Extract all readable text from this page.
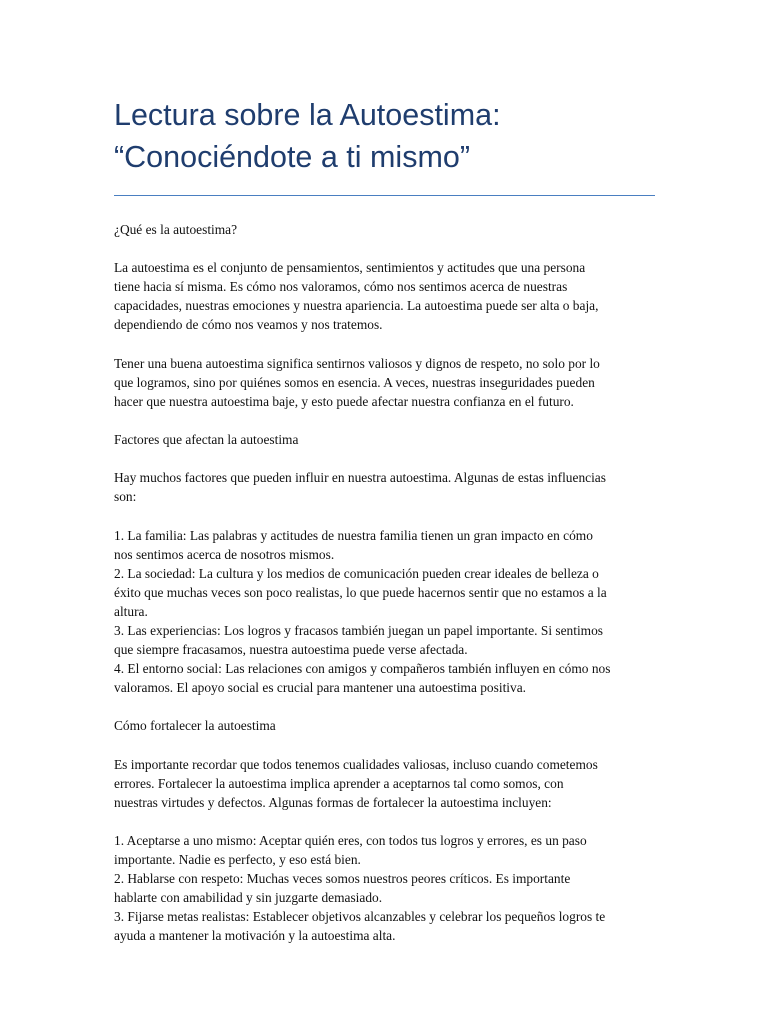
Lectura sobre la Autoestima:
“Conociéndote a ti mismo”

¿Qué es la autoestima?

La autoestima es el conjunto de pensamientos, sentimientos y actitudes que una persona
tiene hacia sí misma. Es cómo nos valoramos, cómo nos sentimos acerca de nuestras
capacidades, nuestras emociones y nuestra apariencia. La autoestima puede ser alta o baja,
dependiendo de cómo nos veamos y nos tratemos.
Tener una buena autoestima significa sentirnos valiosos y dignos de respeto, no solo por lo
que logramos, sino por quiénes somos en esencia. A veces, nuestras inseguridades pueden
hacer que nuestra autoestima baje, y esto puede afectar nuestra confianza en el futuro.

Factores que afectan la autoestima

Hay muchos factores que pueden influir en nuestra autoestima. Algunas de estas influencias
son:
1. La familia: Las palabras y actitudes de nuestra familia tienen un gran impacto en cómo
nos sentimos acerca de nosotros mismos.
2. La sociedad: La cultura y los medios de comunicación pueden crear ideales de belleza o
éxito que muchas veces son poco realistas, lo que puede hacernos sentir que no estamos a la
altura.
3. Las experiencias: Los logros y fracasos también juegan un papel importante. Si sentimos
que siempre fracasamos, nuestra autoestima puede verse afectada.
4. El entorno social: Las relaciones con amigos y compañeros también influyen en cómo nos
valoramos. El apoyo social es crucial para mantener una autoestima positiva.

Cómo fortalecer la autoestima

Es importante recordar que todos tenemos cualidades valiosas, incluso cuando cometemos
errores. Fortalecer la autoestima implica aprender a aceptarnos tal como somos, con
nuestras virtudes y defectos. Algunas formas de fortalecer la autoestima incluyen:
1. Aceptarse a uno mismo: Aceptar quién eres, con todos tus logros y errores, es un paso
importante. Nadie es perfecto, y eso está bien.
2. Hablarse con respeto: Muchas veces somos nuestros peores críticos. Es importante
hablarte con amabilidad y sin juzgarte demasiado.
3. Fijarse metas realistas: Establecer objetivos alcanzables y celebrar los pequeños logros te
ayuda a mantener la motivación y la autoestima alta.
